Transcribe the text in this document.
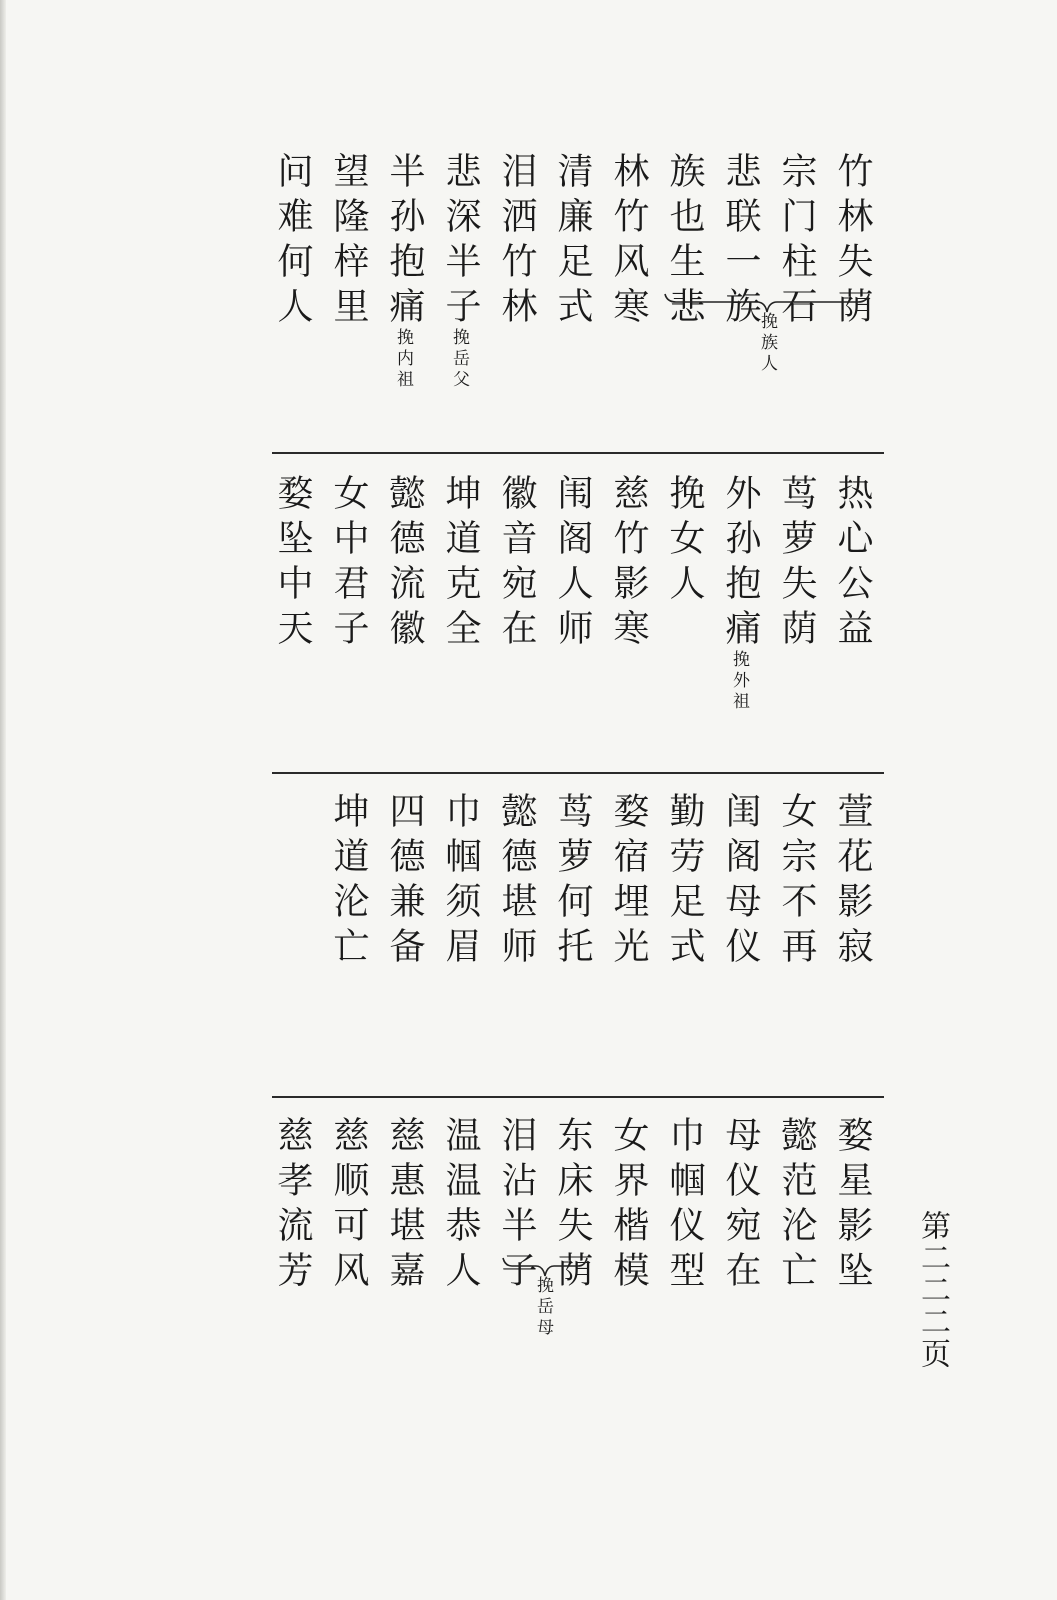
竹林失荫
宗门柱石
悲联一族
族也生悲
林竹风寒
清廉足式
泪洒竹林
悲深半子
半孙抱痛
望隆梓里
问难何人
挽族人
挽岳父
挽内祖
热心公益
茑萝失荫
外孙抱痛
挽女人
慈竹影寒
闱阁人师
徽音宛在
坤道克全
懿德流徽
女中君子
婺坠中天
挽外祖
萱花影寂
女宗不再
闺阁母仪
勤劳足式
婺宿埋光
茑萝何托
懿德堪师
巾帼须眉
四德兼备
坤道沦亡
婺星影坠
懿范沦亡
母仪宛在
巾帼仪型
女界楷模
东床失荫
泪沾半子
温温恭人
慈惠堪嘉
慈顺可风
慈孝流芳
挽岳母	第二二二页
